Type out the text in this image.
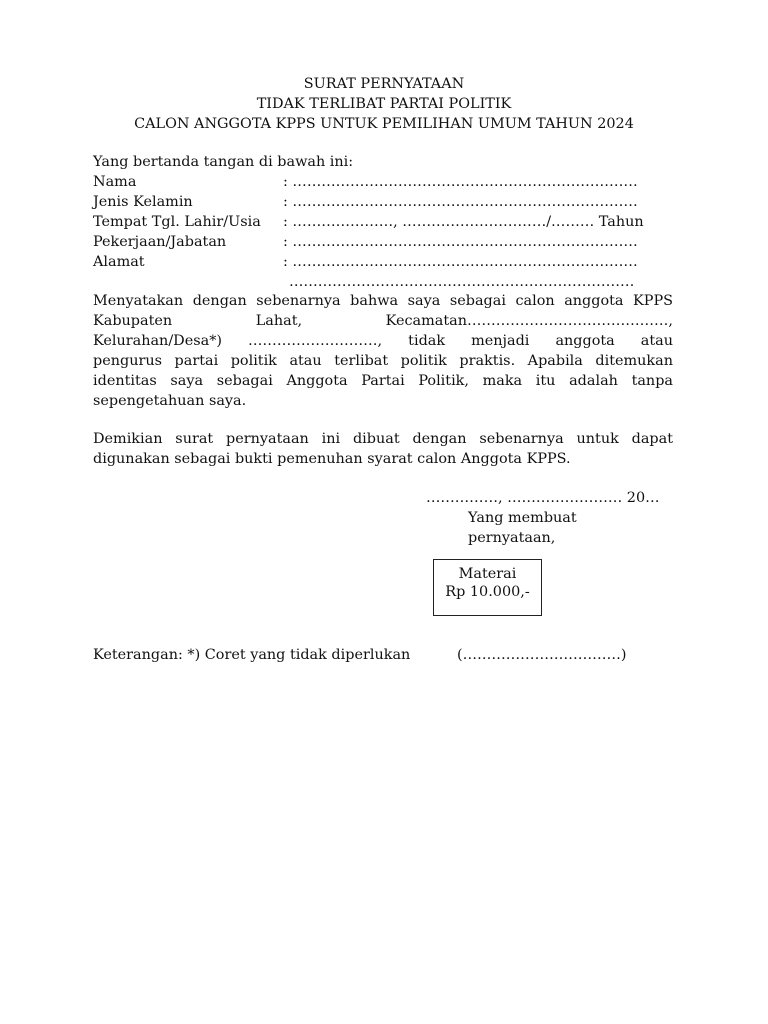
SURAT PERNYATAAN
TIDAK TERLIBAT PARTAI POLITIK
CALON ANGGOTA KPPS UNTUK PEMILIHAN UMUM TAHUN 2024
Yang bertanda tangan di bawah ini:
Nama	: ………………………………………………………………
Jenis Kelamin	: ………………………………………………………………
Tempat Tgl. Lahir/Usia : …………………, …………………………/……… Tahun
Pekerjaan/Jabatan	: ………………………………………………………………
Alamat	: ………………………………………………………………
………………………………………………………………
Menyatakan dengan sebenarnya bahwa saya sebagai calon anggota KPPS
Kabupaten Lahat, Kecamatan……………………………………,
Kelurahan/Desa*) ………………………, tidak menjadi anggota atau
pengurus partai politik atau terlibat politik praktis. Apabila ditemukan
identitas saya sebagai Anggota Partai Politik, maka itu adalah tanpa
sepengetahuan saya.
Demikian surat pernyataan ini dibuat dengan sebenarnya untuk dapat
digunakan sebagai bukti pemenuhan syarat calon Anggota KPPS.
……………, …………………… 20…
Yang membuat
pernyataan,
Materai
Rp 10.000,-
Keterangan: *) Coret yang tidak diperlukan	(……………………………)
